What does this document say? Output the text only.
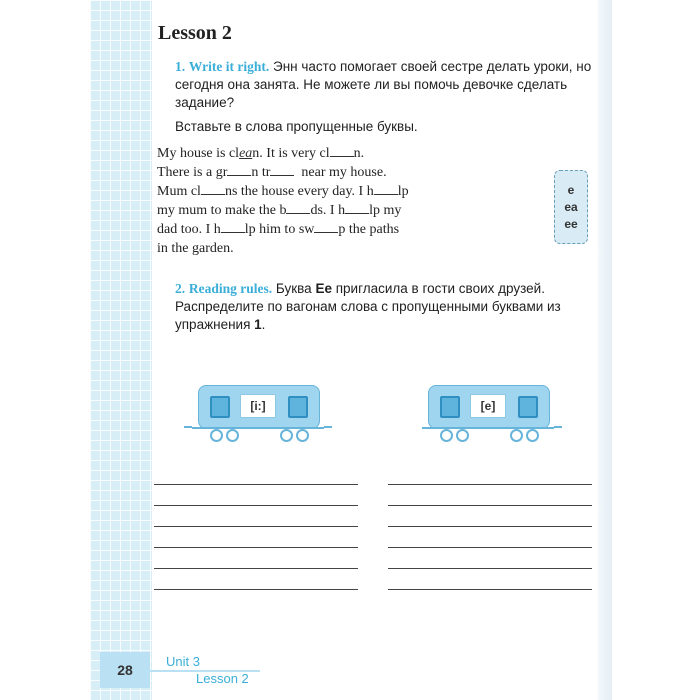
Lesson 2
1. Write it right. Энн часто помогает своей сестре делать уроки, но сегодня она занята. Не можете ли вы помочь девочке сделать задание?
Вставьте в слова пропущенные буквы.
My house is clean. It is very cl n.
There is a gr n tr near my house.
Mum cl ns the house every day. I h lp
my mum to make the b ds. I h lp my
dad too. I h lp him to sw p the paths
in the garden.
e
ea
ee
2. Reading rules. Буква Ee пригласила в гости своих друзей.
Распределите по вагонам слова с пропущенными буквами из упражнения 1.
[i:]	[e]
28
Unit 3
Lesson 2
